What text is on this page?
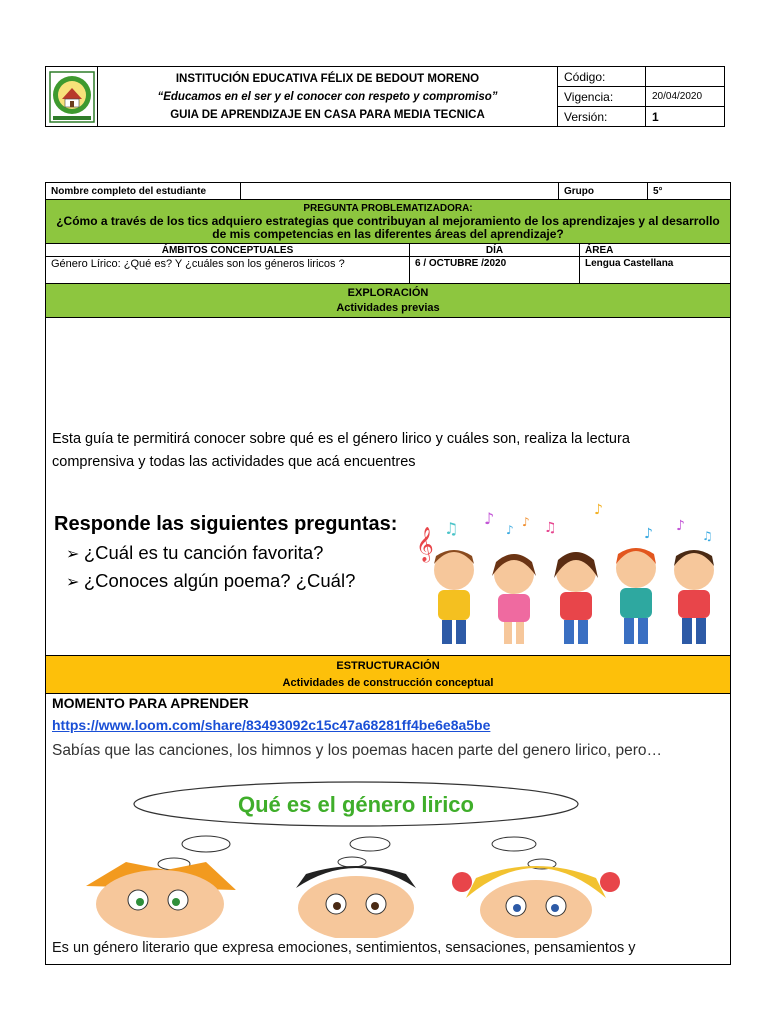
INSTITUCIÓN EDUCATIVA FÉLIX DE BEDOUT MORENO
“Educamos en el ser y el conocer con respeto y compromiso”
GUIA DE APRENDIZAJE EN CASA PARA MEDIA TECNICA
Código:
Vigencia:	20/04/2020
Versión:	1
Nombre completo del estudiante	Grupo	5°
PREGUNTA PROBLEMATIZADORA:
¿Cómo a través de los tics adquiero estrategias que contribuyan al mejoramiento de los aprendizajes y al desarrollo de mis competencias en las diferentes áreas del aprendizaje?
ÁMBITOS CONCEPTUALES	DÍA	ÁREA
Género Lírico: ¿Qué es? Y ¿cuáles son los géneros liricos ?	6 / OCTUBRE /2020	Lengua Castellana
EXPLORACIÓN
Actividades previas
Esta guía te permitirá conocer sobre qué es el género lirico y cuáles son, realiza la lectura comprensiva y todas las actividades que acá encuentres
Responde las siguientes preguntas:
➢ ¿Cuál es tu canción favorita?
➢ ¿Conoces algún poema? ¿Cuál?
𝄞 ♫
♪
♪
♪ ♫
♪
♪ ♪
♫
ESTRUCTURACIÓN
Actividades de construcción conceptual
MOMENTO PARA APRENDER
https://www.loom.com/share/83493092c15c47a68281ff4be6e8a5be
Sabías que las canciones, los himnos y los poemas hacen parte del genero lirico, pero…
Qué es el género lirico
Es un género literario que expresa emociones, sentimientos, sensaciones, pensamientos y
